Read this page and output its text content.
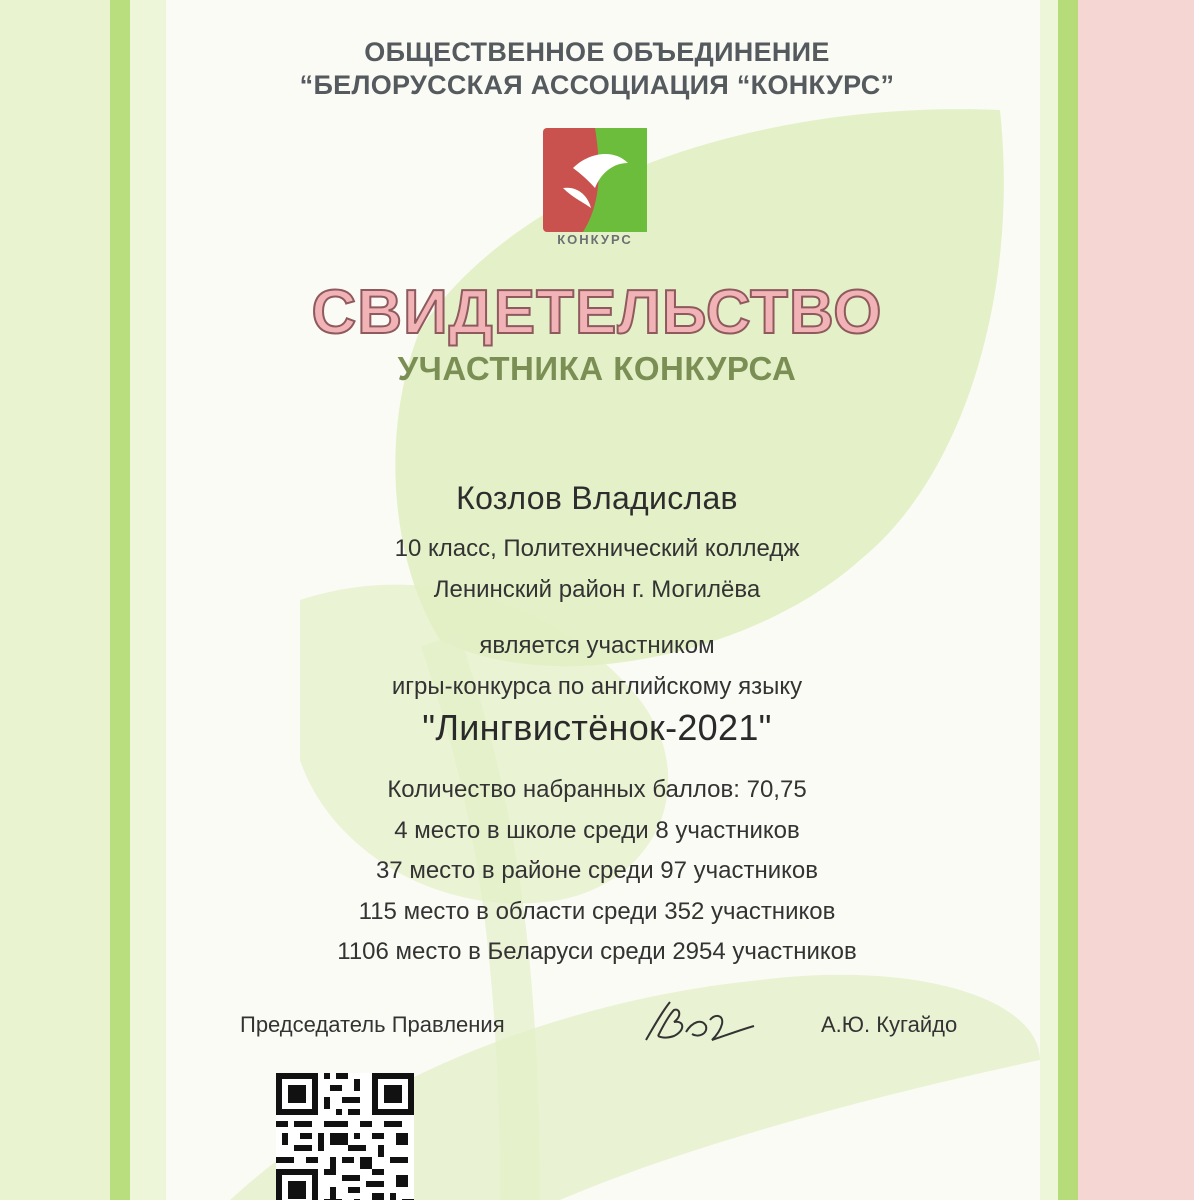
ОБЩЕСТВЕННОЕ ОБЪЕДИНЕНИЕ
“БЕЛОРУССКАЯ АССОЦИАЦИЯ “КОНКУРС”
КОНКУРС
СВИДЕТЕЛЬСТВО
УЧАСТНИКА КОНКУРСА
Козлов Владислав
10 класс, Политехнический колледж
Ленинский район г. Могилёва
является участником
игры-конкурса по английскому языку
"Лингвистёнок-2021"
Количество набранных баллов: 70,75
4 место в школе среди 8 участников
37 место в районе среди 97 участников
115 место в области среди 352 участников
1106 место в Беларуси среди 2954 участников
Председатель Правления	А.Ю. Кугайдо
